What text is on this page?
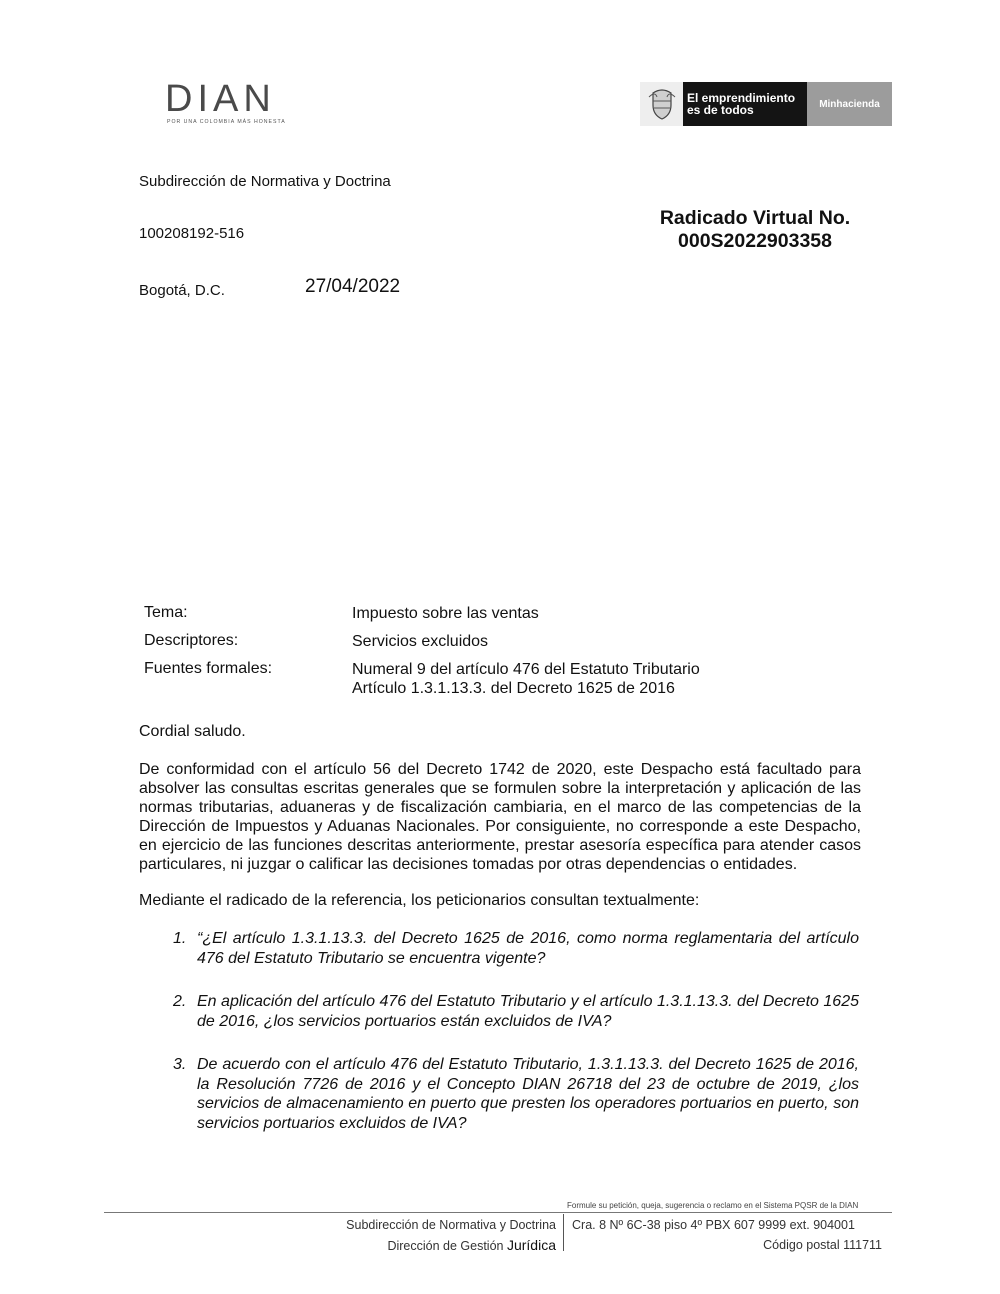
DIAN
POR UNA COLOMBIA MÁS HONESTA
El emprendimiento
es de todos	Minhacienda
Subdirección de Normativa y Doctrina
100208192-516
Radicado Virtual No.
000S2022903358
Bogotá, D.C.	27/04/2022
Tema:	Impuesto sobre las ventas
Descriptores:	Servicios excluidos
Fuentes formales:	Numeral 9 del artículo 476 del Estatuto Tributario
Artículo 1.3.1.13.3. del Decreto 1625 de 2016
Cordial saludo.
De conformidad con el artículo 56 del Decreto 1742 de 2020, este Despacho está facultado para absolver las consultas escritas generales que se formulen sobre la interpretación y aplicación de las normas tributarias, aduaneras y de fiscalización cambiaria, en el marco de las competencias de la Dirección de Impuestos y Aduanas Nacionales. Por consiguiente, no corresponde a este Despacho, en ejercicio de las funciones descritas anteriormente, prestar asesoría específica para atender casos particulares, ni juzgar o calificar las decisiones tomadas por otras dependencias o entidades.
Mediante el radicado de la referencia, los peticionarios consultan textualmente:
1. “¿El artículo 1.3.1.13.3. del Decreto 1625 de 2016, como norma reglamentaria del artículo 476 del Estatuto Tributario se encuentra vigente?
2. En aplicación del artículo 476 del Estatuto Tributario y el artículo 1.3.1.13.3. del Decreto 1625 de 2016, ¿los servicios portuarios están excluidos de IVA?
3. De acuerdo con el artículo 476 del Estatuto Tributario, 1.3.1.13.3. del Decreto 1625 de 2016, la Resolución 7726 de 2016 y el Concepto DIAN 26718 del 23 de octubre de 2019, ¿los servicios de almacenamiento en puerto que presten los operadores portuarios en puerto, son servicios portuarios excluidos de IVA?
Formule su petición, queja, sugerencia o reclamo en el Sistema PQSR de la DIAN
Subdirección de Normativa y Doctrina
Dirección de Gestión Jurídica
Cra. 8 Nº 6C-38 piso 4º PBX 607 9999 ext. 904001
Código postal 111711
